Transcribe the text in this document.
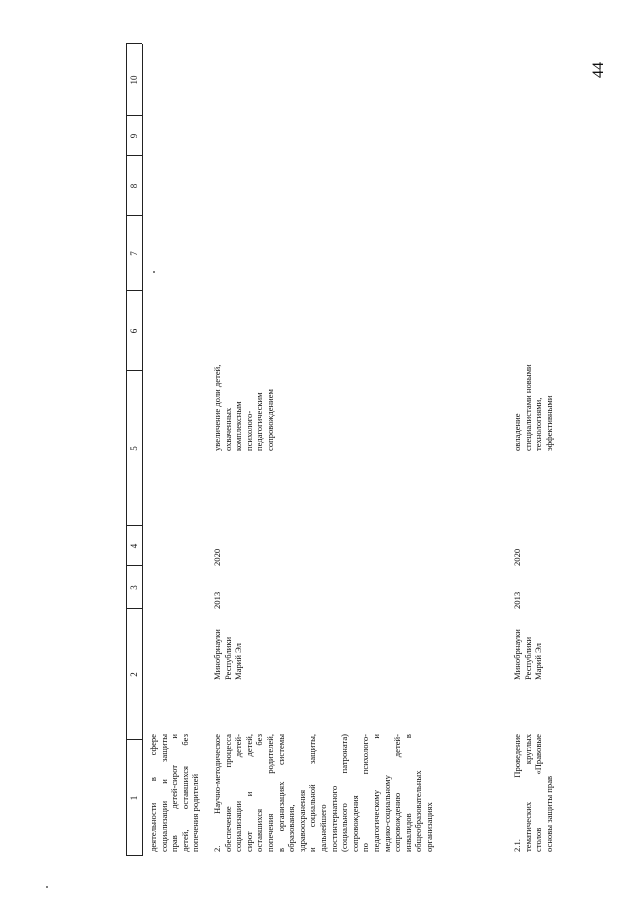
44
1
2
3
4
5
6
7
8
9
10
деятельности в сфере социализации и защиты прав детей-сирот и детей, оставшихся без попечения родителей 2. Научно-методическое обеспечение процесса социализации детей- сирот и детей, оставшихся без попечения родителей, в организациях системы образования, здравоохранения и социальной защиты, дальнейшего постинтернатного (социального патроната) сопровождения по психолого- педагогическому и медико-социальному сопровождению детей- инвалидов в общеобразовательных организациях
Минобрнауки Республики Марий Эл
2013
2020
увеличение доли детей, охваченных комплексным психолого- педагогическим сопровождением
2.1. Проведение тематических круглых столов «Правовые основы защиты прав
Минобрнауки Республики Марий Эл
2013
2020
овладение специалистами новыми технологиями, эффективными
